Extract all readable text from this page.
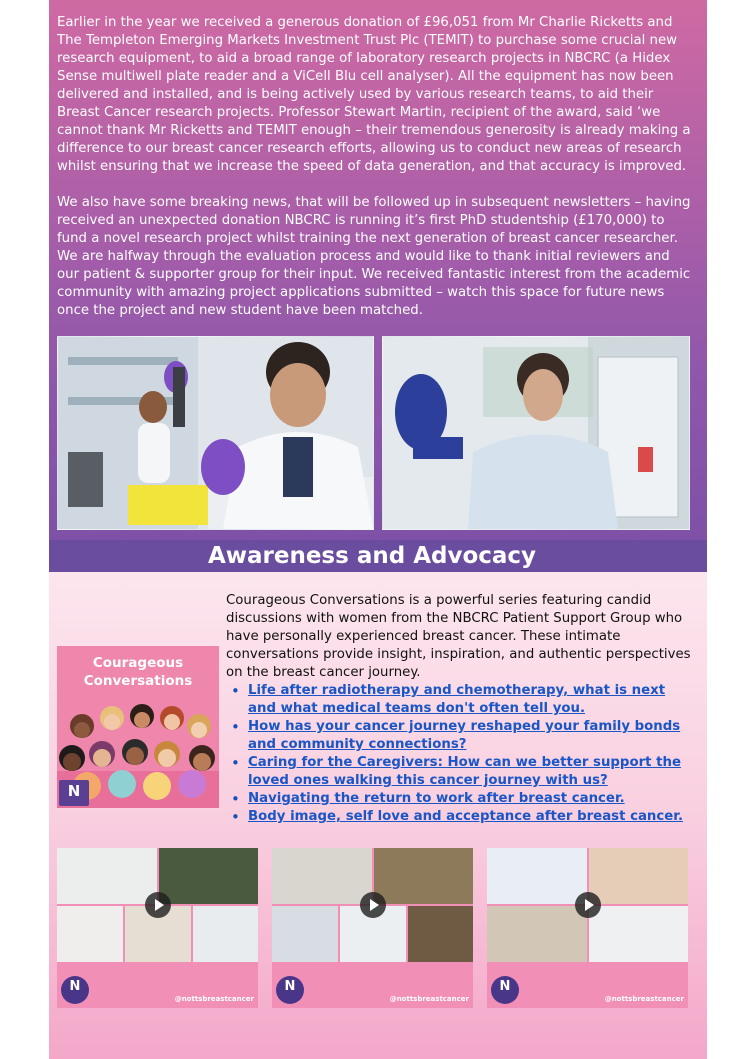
Earlier in the year we received a generous donation of £96,051 from Mr Charlie Ricketts and The Templeton Emerging Markets Investment Trust Plc (TEMIT) to purchase some crucial new research equipment, to aid a broad range of laboratory research projects in NBCRC (a Hidex Sense multiwell plate reader and a ViCell Blu cell analyser). All the equipment has now been delivered and installed, and is being actively used by various research teams, to aid their Breast Cancer research projects. Professor Stewart Martin, recipient of the award, said ‘we cannot thank Mr Ricketts and TEMIT enough – their tremendous generosity is already making a difference to our breast cancer research efforts, allowing us to conduct new areas of research whilst ensuring that we increase the speed of data generation, and that accuracy is improved.

We also have some breaking news, that will be followed up in subsequent newsletters – having received an unexpected donation NBCRC is running it’s first PhD studentship (£170,000) to fund a novel research project whilst training the next generation of breast cancer researcher. We are halfway through the evaluation process and would like to thank initial reviewers and our patient & supporter group for their input. We received fantastic interest from the academic community with amazing project applications submitted – watch this space for future news once the project and new student have been matched.

Awareness and Advocacy

Courageous Conversations is a powerful series featuring candid discussions with women from the NBCRC Patient Support Group who have personally experienced breast cancer. These intimate conversations provide insight, inspiration, and authentic perspectives on the breast cancer journey.

• Life after radiotherapy and chemotherapy, what is next and what medical teams don't often tell you.
• How has your cancer journey reshaped your family bonds and community connections?
• Caring for the Caregivers: How can we better support the loved ones walking this cancer journey with us?
• Navigating the return to work after breast cancer.
• Body image, self love and acceptance after breast cancer.
Courageous
Conversations
N
N
@nottsbreastcancer
N
@nottsbreastcancer
N
@nottsbreastcancer
